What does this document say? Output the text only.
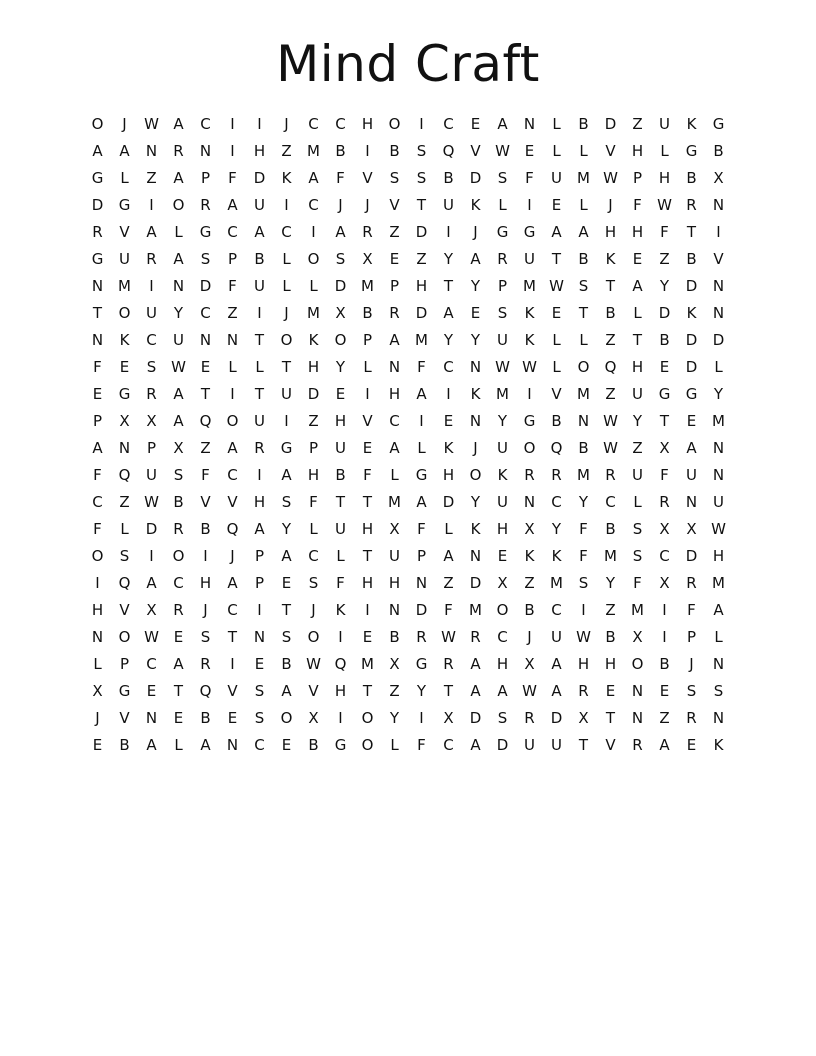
Mind Craft
O	J	W A	C	I	I	J	C	C	H	O	I	C	E	A	N	L	B	D	Z	U	K	G
A	A	N	R	N	I	H	Z	M	B	I	B	S	Q	V W E	L	L	V	H	L	G	B
G	L	Z	A	P	F	D	K	A	F	V	S	S	B	D	S	F	U	M W	P	H	B	X
D	G	I	O	R	A	U	I	C	J	J	V	T	U	K	L	I	E	L	J	F	W R	N
R	V	A	L	G	C	A	C	I	A	R	Z	D	I	J	G	G	A	A	H	H	F	T	I
G	U	R	A	S	P	B	L	O	S	X	E	Z	Y	A	R	U	T	B	K	E	Z	B	V
N M	I	N	D	F	U	L	L	D M	P	H	T	Y	P	M W S	T	A	Y	D	N
T	O	U	Y	C	Z	I	J	M	X	B	R	D	A	E	S	K	E	T	B	L	D	K	N
N	K	C	U	N	N	T	O	K	O	P	A	M	Y	Y	U	K	L	L	Z	T	B	D	D
F	E	S W E	L	L	T	H	Y	L	N	F	C	N W W	L	O	Q	H	E	D	L
E	G	R	A	T	I	T	U	D	E	I	H	A	I	K	M	I	V	M	Z	U	G	G	Y
P	X	X	A	Q	O	U	I	Z	H	V	C	I	E	N	Y	G	B	N W Y	T	E	M
A	N	P	X	Z	A	R	G	P	U	E	A	L	K	J	U	O	Q	B W Z	X	A	N
F	Q	U	S	F	C	I	A	H	B	F	L	G	H	O	K	R	R	M	R	U	F	U	N
C	Z W B	V	V	H	S	F	T	T	M	A	D	Y	U	N	C	Y	C	L	R	N	U
F	L	D	R	B	Q	A	Y	L	U	H	X	F	L	K	H	X	Y	F	B	S	X	X W
O	S	I	O	I	J	P	A	C	L	T	U	P	A	N	E	K	K	F	M	S	C	D	H
I	Q	A	C	H	A	P	E	S	F	H	H	N	Z	D	X	Z	M	S	Y	F	X	R	M
H	V	X	R	J	C	I	T	J	K	I	N	D	F	M O	B	C	I	Z	M	I	F	A
N	O W E	S	T	N	S	O	I	E	B	R W R	C	J	U W B	X	I	P	L
L	P	C	A	R	I	E	B W Q M	X	G	R	A	H	X	A	H	H	O	B	J	N
X	G	E	T	Q	V	S	A	V	H	T	Z	Y	T	A	A W A	R	E	N	E	S	S
J	V	N	E	B	E	S	O	X	I	O	Y	I	X	D	S	R	D	X	T	N	Z	R	N
E	B	A	L	A	N	C	E	B	G	O	L	F	C	A	D	U	U	T	V	R	A	E	K
